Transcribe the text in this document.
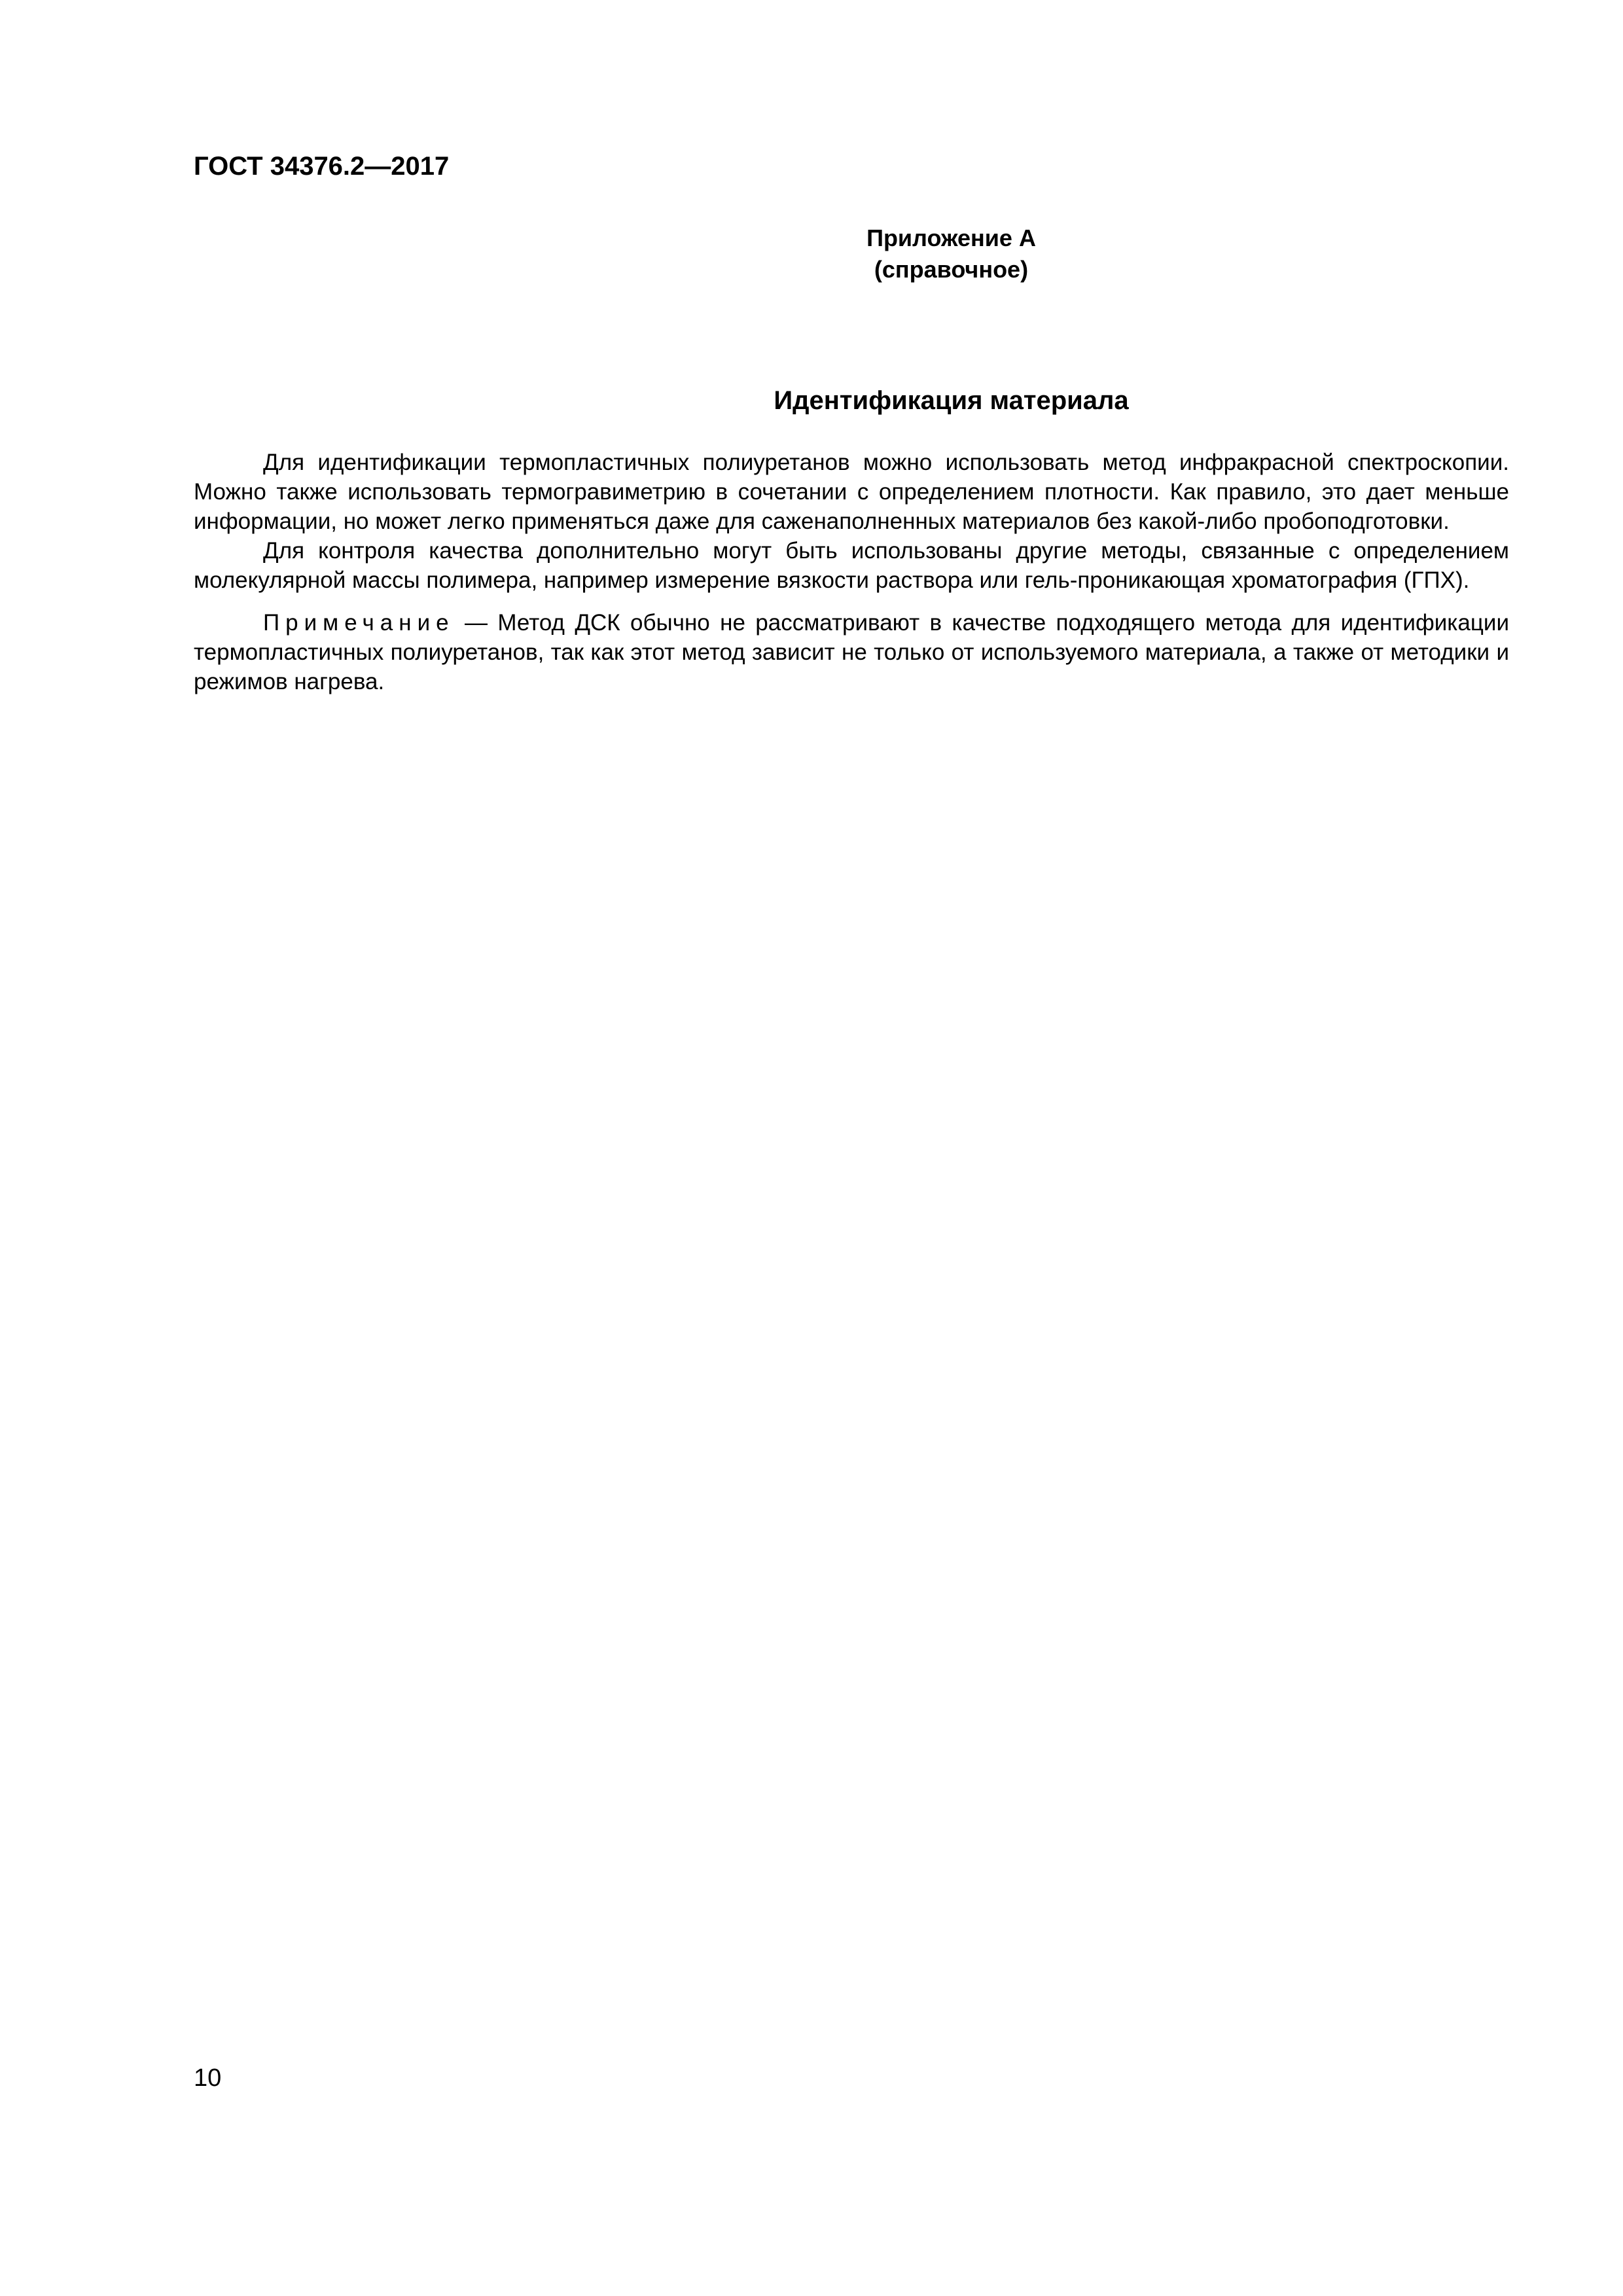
ГОСТ 34376.2—2017
Приложение А
(справочное)
Идентификация материала

Для идентификации термопластичных полиуретанов можно использовать метод инфракрасной спектроскопии. Можно также использовать термогравиметрию в сочетании с определением плотности. Как правило, это дает меньше информации, но может легко применяться даже для саженаполненных материалов без какой-либо пробоподготовки.

Для контроля качества дополнительно могут быть использованы другие методы, связанные с определением молекулярной массы полимера, например измерение вязкости раствора или гель-проникающая хроматография (ГПХ).

Примечание — Метод ДСК обычно не рассматривают в качестве подходящего метода для идентификации термопластичных полиуретанов, так как этот метод зависит не только от используемого материала, а также от методики и режимов нагрева.

10
